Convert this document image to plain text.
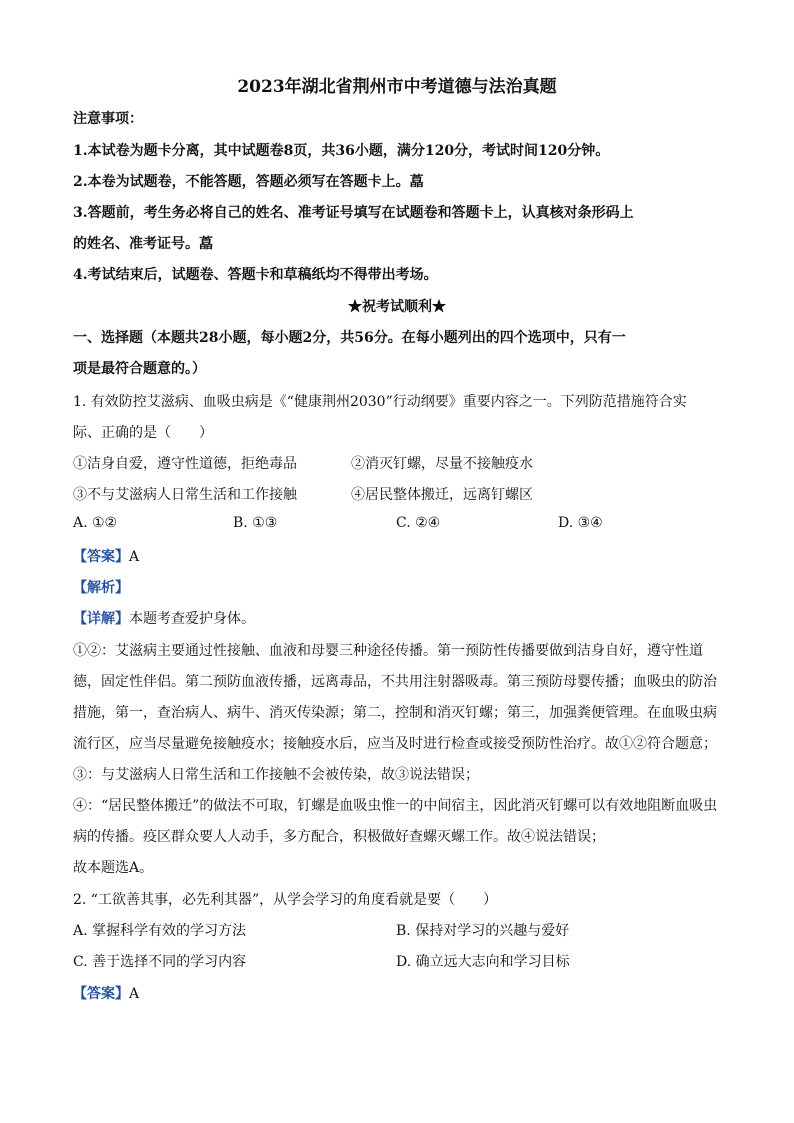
2023年湖北省荆州市中考道德与法治真题
注意事项：
1.本试卷为题卡分离，其中试题卷8页，共36小题，满分120分，考试时间120分钟。
2.本卷为试题卷，不能答题，答题必须写在答题卡上。藠
3.答题前，考生务必将自己的姓名、准考证号填写在试题卷和答题卡上，认真核对条形码上
的姓名、准考证号。藠
4.考试结束后，试题卷、答题卡和草稿纸均不得带出考场。
★祝考试顺利★
一、选择题（本题共28小题，每小题2分，共56分。在每小题列出的四个选项中，只有一
项是最符合题意的。）
1. 有效防控艾滋病、血吸虫病是《“健康荆州2030”行动纲要》重要内容之一。下列防范措施符合实
际、正确的是（　　）
①洁身自爱，遵守性道德，拒绝毒品	②消灭钉螺，尽量不接触疫水
③不与艾滋病人日常生活和工作接触	④居民整体搬迁，远离钉螺区
A. ①②	B. ①③	C. ②④	D. ③④
【答案】A
【解析】
【详解】本题考查爱护身体。
①②：艾滋病主要通过性接触、血液和母婴三种途径传播。第一预防性传播要做到洁身自好，遵守性道
德，固定性伴侣。第二预防血液传播，远离毒品，不共用注射器吸毒。第三预防母婴传播；血吸虫的防治
措施，第一，查治病人、病牛、消灭传染源；第二，控制和消灭钉螺；第三，加强粪便管理。在血吸虫病
流行区，应当尽量避免接触疫水；接触疫水后，应当及时进行检查或接受预防性治疗。故①②符合题意；
③：与艾滋病人日常生活和工作接触不会被传染，故③说法错误；
④：“居民整体搬迁”的做法不可取，钉螺是血吸虫惟一的中间宿主，因此消灭钉螺可以有效地阻断血吸虫
病的传播。疫区群众要人人动手，多方配合，积极做好查螺灭螺工作。故④说法错误；
故本题选A。
2. “工欲善其事，必先利其器”，从学会学习的角度看就是要（　　）
A. 掌握科学有效的学习方法	B. 保持对学习的兴趣与爱好
C. 善于选择不同的学习内容	D. 确立远大志向和学习目标
【答案】A
